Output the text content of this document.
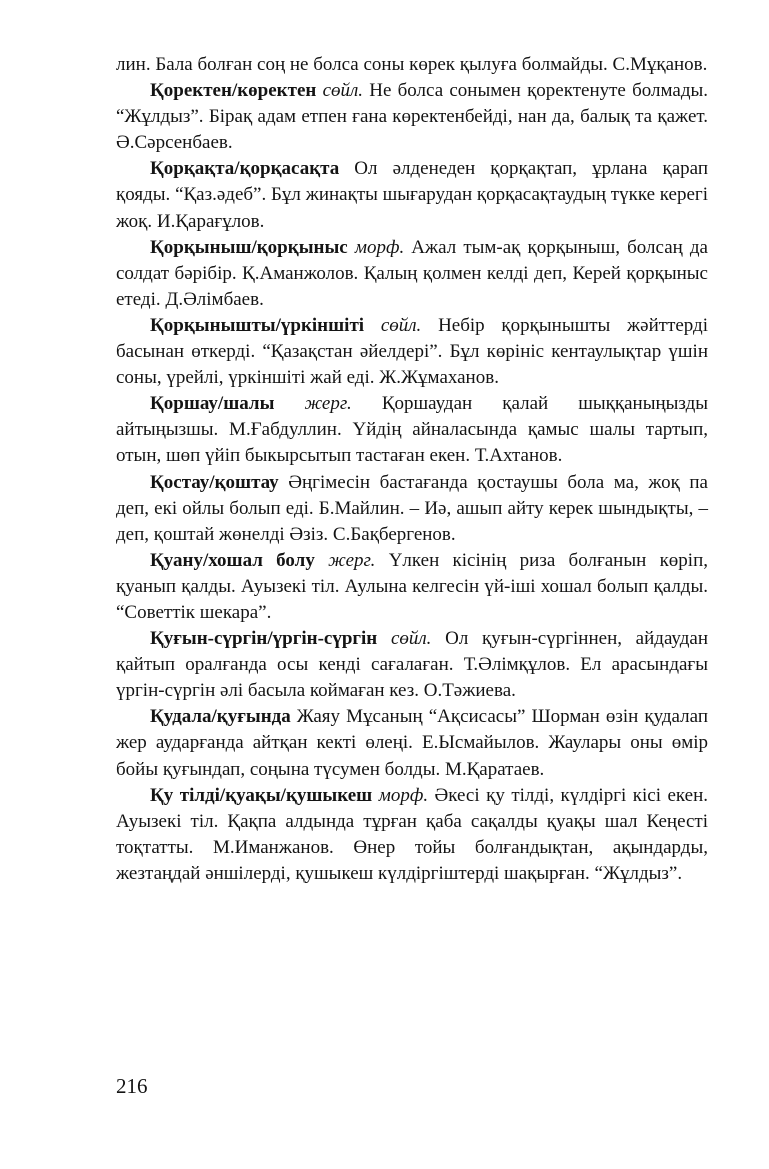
лин. Бала болған соң не болса соны көрек қылуға болмайды. С.Мұқанов.

Қоректен/көректен сөйл. Не болса сонымен қоректенуте болмады. “Жұлдыз”. Бірақ адам етпен ғана көректенбейді, нан да, балық та қажет. Ә.Сәрсенбаев.

Қорқақта/қорқасақта Ол әлденеден қорқақтап, ұрлана қарап қояды. “Қаз.әдеб”. Бұл жинақты шығарудан қорқасақтаудың түкке керегі жоқ. И.Қарағұлов.

Қорқыныш/қорқыныс морф. Ажал тым-ақ қорқыныш, болсаң да солдат бәрібір. Қ.Аманжолов. Қалың қолмен келді деп, Керей қорқыныс етеді. Д.Әлімбаев.

Қорқынышты/үркіншіті сөйл. Небір қорқынышты жәйттерді басынан өткерді. “Қазақстан әйелдері”. Бұл көрініс кентаулықтар үшін соны, үрейлі, үркіншіті жай еді. Ж.Жұмаханов.

Қоршау/шалы жерг. Қоршаудан қалай шыққаныңызды айтыңызшы. М.Ғабдуллин. Үйдің айналасында қамыс шалы тартып, отын, шөп үйіп быкырсытып тастаған екен. Т.Ахтанов.

Қостау/қоштау Әңгімесін бастағанда қостаушы бола ма, жоқ па деп, екі ойлы болып еді. Б.Майлин. – Иә, ашып айту керек шындықты, – деп, қоштай жөнелді Әзіз. С.Бақбергенов.

Қуану/хошал болу жерг. Үлкен кісінің риза болғанын көріп, қуанып қалды. Ауызекі тіл. Аулына келгесін үй-іші хошал болып қалды. “Советтік шекара”.

Қуғын-сүргін/үргін-сүргін сөйл. Ол қуғын-сүргіннен, айдаудан қайтып оралғанда осы кенді сағалаған. Т.Әлімқұлов. Ел арасындағы үргін-сүргін әлі басыла коймаған кез. О.Тәжиева.

Қудала/қуғында Жаяу Мұсаның “Ақсисасы” Шорман өзін қудалап жер аударғанда айтқан кекті өлеңі. Е.Ысмайылов. Жаулары оны өмір бойы қуғындап, соңына түсумен болды. М.Қаратаев.

Қу тілді/қуақы/қушыкеш морф. Әкесі қу тілді, күлдіргі кісі екен. Ауызекі тіл. Қақпа алдында тұрған қаба сақалды қуақы шал Кеңесті тоқтатты. М.Иманжанов. Өнер тойы болғандықтан, ақындарды, жезтаңдай әншілерді, қушыкеш күлдіргіштерді шақырған. “Жұлдыз”.

216
